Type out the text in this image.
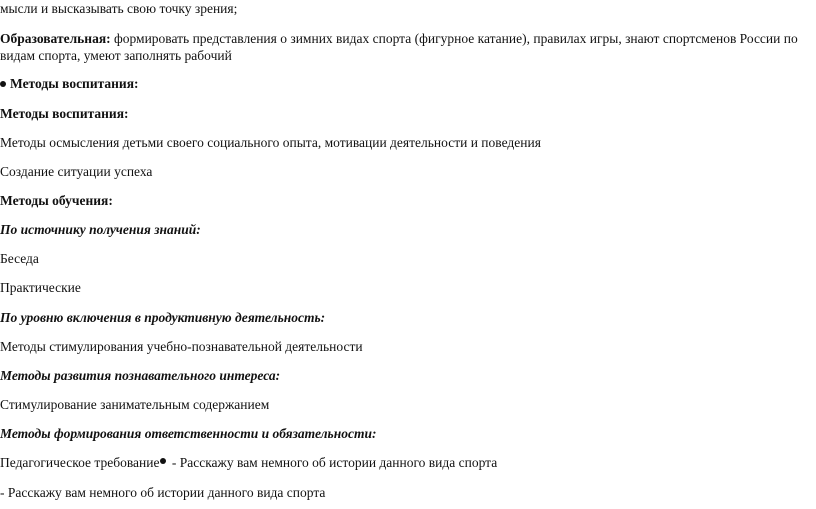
мысли и высказывать свою точку зрения;
Образовательная: формировать представления о зимних видах спорта (фигурное катание), правилах игры, знают спортсменов России по видам спорта, умеют заполнять рабочий
Методы воспитания:
Методы воспитания:
Методы осмысления детьми своего социального опыта, мотивации деятельности и поведения
Создание ситуации успеха
Методы обучения:
По источнику получения знаний:
Беседа
Практические
По уровню включения в продуктивную деятельность:
Методы стимулирования учебно-познавательной деятельности
Методы развития познавательного интереса:
Стимулирование занимательным содержанием
Методы формирования ответственности и обязательности:
Педагогическое требование - Расскажу вам немного об истории данного вида спорта
- Расскажу вам немного об истории данного вида спорта
